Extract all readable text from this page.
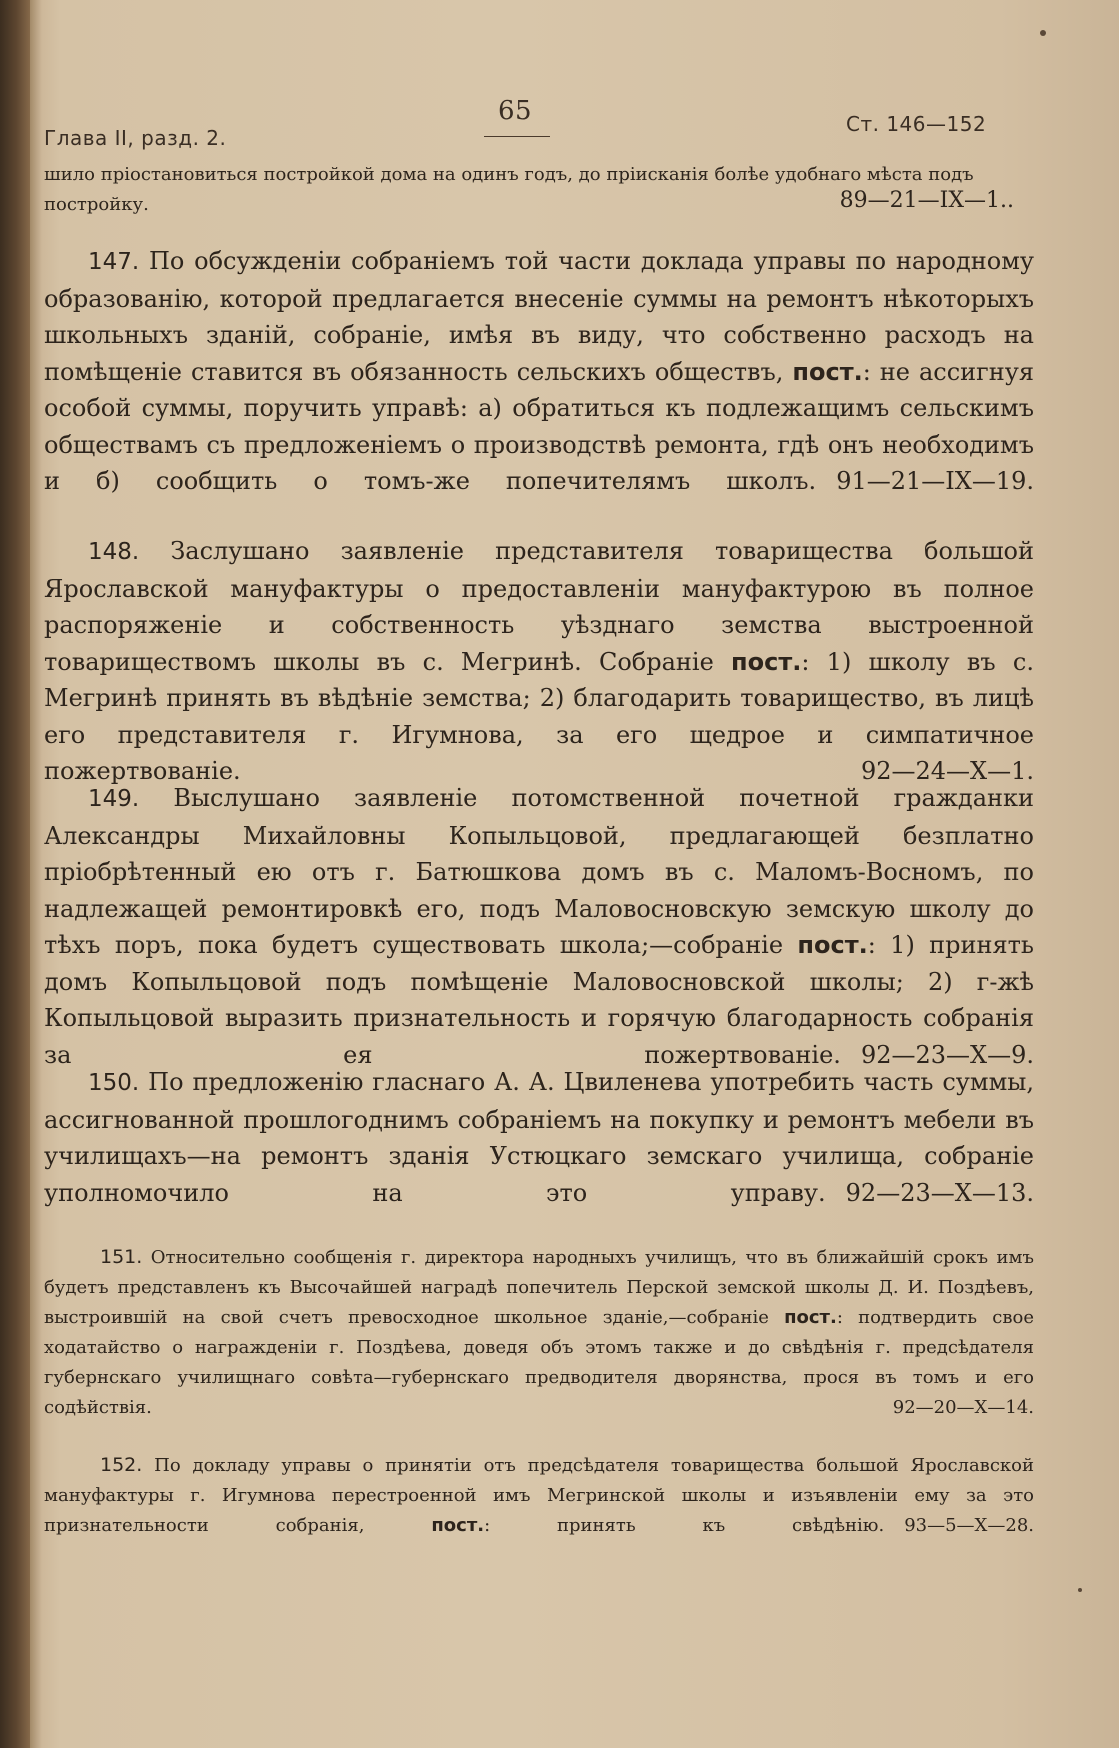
Глава II, разд. 2.
65	Ст. 146—152
шило пріостановиться постройкой дома на одинъ годъ, до пріисканія болѣе удобнаго мѣста подъ постройку.	89—21—IX—1..
147. По обсужденіи собраніемъ той части доклада управы по народному образованію, которой предлагается внесеніе суммы на ремонтъ нѣкоторыхъ школьныхъ зданій, собраніе, имѣя въ виду, что собственно расходъ на помѣщеніе ставится въ обязанность сельскихъ обществъ, пост.: не ассигнуя особой суммы, поручить управѣ: а) обратиться къ подлежащимъ сельскимъ обществамъ съ предложеніемъ о производствѣ ремонта, гдѣ онъ необходимъ и б) сообщить о томъ-же попечителямъ школъ. 91—21—IX—19.
148. Заслушано заявленіе представителя товарищества большой Ярославской мануфактуры о предоставленіи мануфактурою въ полное распоряженіе и собственность уѣзднаго земства выстроенной товариществомъ школы въ с. Мегринѣ. Собраніе пост.: 1) школу въ с. Мегринѣ принять въ вѣдѣніе земства; 2) благодарить товарищество, въ лицѣ его представителя г. Игумнова, за его щедрое и симпатичное пожертвованіе.	92—24—X—1.
149. Выслушано заявленіе потомственной почетной гражданки Александры Михайловны Копыльцовой, предлагающей безплатно пріобрѣтенный ею отъ г. Батюшкова домъ въ с. Маломъ-Восномъ, по надлежащей ремонтировкѣ его, подъ Маловосновскую земскую школу до тѣхъ поръ, пока будетъ существовать школа;—собраніе пост.: 1) принять домъ Копыльцовой подъ помѣщеніе Маловосновской школы; 2) г-жѣ Копыльцовой выразить признательность и горячую благодарность собранія за ея пожертвованіе. 92—23—X—9.
150. По предложенію гласнаго А. А. Цвиленева употребить часть суммы, ассигнованной прошлогоднимъ собраніемъ на покупку и ремонтъ мебели въ училищахъ—на ремонтъ зданія Устюцкаго земскаго училища, собраніе уполномочило на это управу. 92—23—X—13.
151. Относительно сообщенія г. директора народныхъ училищъ, что въ ближайшій срокъ имъ будетъ представленъ къ Высочайшей наградѣ попечитель Перской земской школы Д. И. Поздѣевъ, выстроившій на свой счетъ превосходное школьное зданіе,—собраніе пост.: подтвердить свое ходатайство о награжденіи г. Поздѣева, доведя объ этомъ также и до свѣдѣнія г. предсѣдателя губернскаго училищнаго совѣта—губернскаго предводителя дворянства, прося въ томъ и его содѣйствія.	92—20—X—14.
152. По докладу управы о принятіи отъ предсѣдателя товарищества большой Ярославской мануфактуры г. Игумнова перестроенной имъ Мегринской школы и изъявленіи ему за это признательности собранія,	пост.: принять къ свѣдѣнію. 93—5—X—28.
